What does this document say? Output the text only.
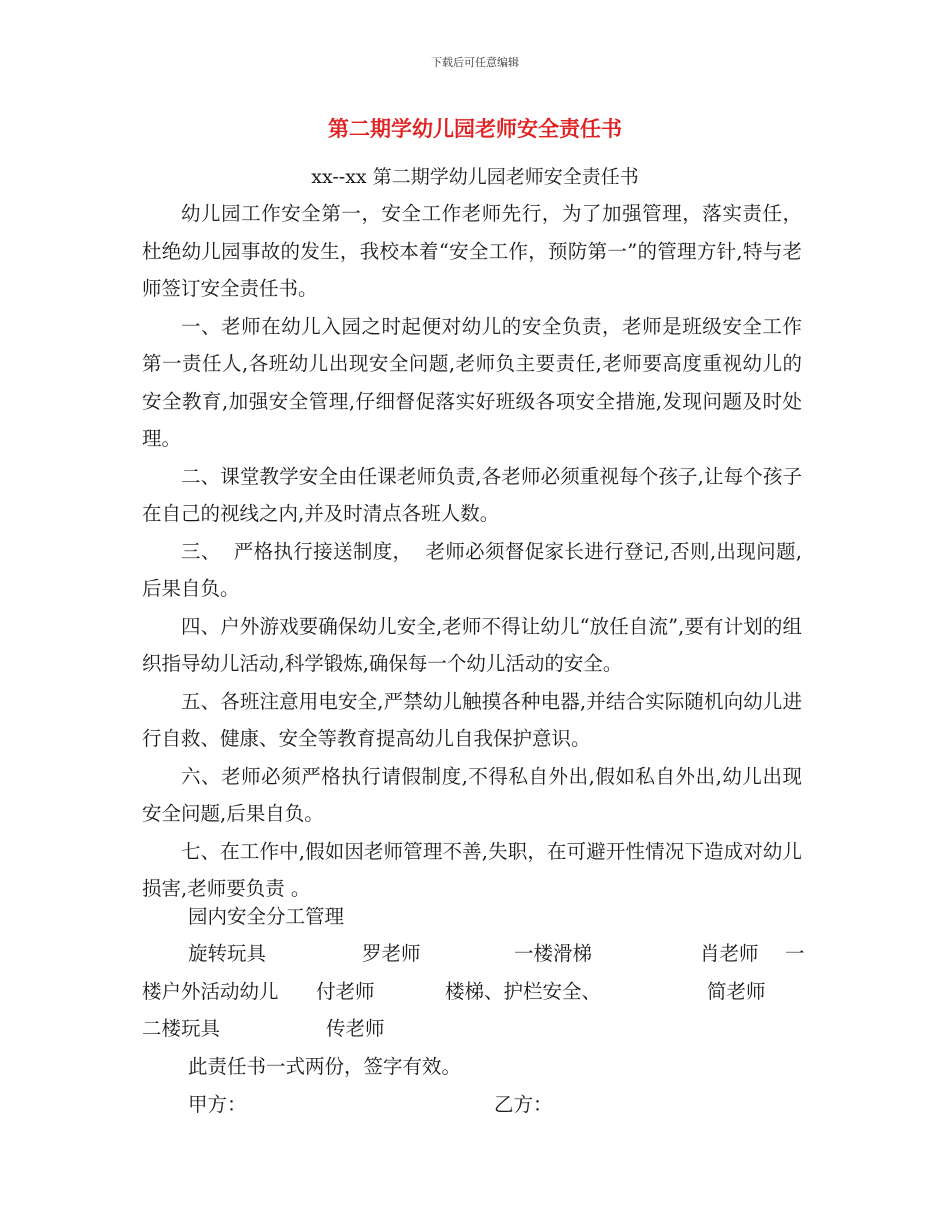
下载后可任意编辑
第二期学幼儿园老师安全责任书
xx--xx 第二期学幼儿园老师安全责任书

幼儿园工作安全第一，安全工作老师先行，为了加强管理，落实责任，杜绝幼儿园事故的发生，我校本着“安全工作，预防第一”的管理方针,特与老师签订安全责任书。

一、老师在幼儿入园之时起便对幼儿的安全负责，老师是班级安全工作第一责任人,各班幼儿出现安全问题,老师负主要责任,老师要高度重视幼儿的安全教育,加强安全管理,仔细督促落实好班级各项安全措施,发现问题及时处理。

二、课堂教学安全由任课老师负责,各老师必须重视每个孩子,让每个孩子在自己的视线之内,并及时清点各班人数。

三、  严格执行接送制度，  老师必须督促家长进行登记,否则,出现问题,后果自负。

四、户外游戏要确保幼儿安全,老师不得让幼儿“放任自流”,要有计划的组织指导幼儿活动,科学锻炼,确保每一个幼儿活动的安全。

五、各班注意用电安全,严禁幼儿触摸各种电器,并结合实际随机向幼儿进行自救、健康、安全等教育提高幼儿自我保护意识。

六、老师必须严格执行请假制度,不得私自外出,假如私自外出,幼儿出现安全问题,后果自负。

七、在工作中,假如因老师管理不善,失职，在可避开性情况下造成对幼儿损害,老师要负责 。

园内安全分工管理
旋转玩具	罗老师	一楼滑梯	肖老师 一
楼户外活动幼儿 付老师	楼梯、护栏安全、	简老师
二楼玩具	传老师
此责任书一式两份，签字有效。
甲方：	乙方：
